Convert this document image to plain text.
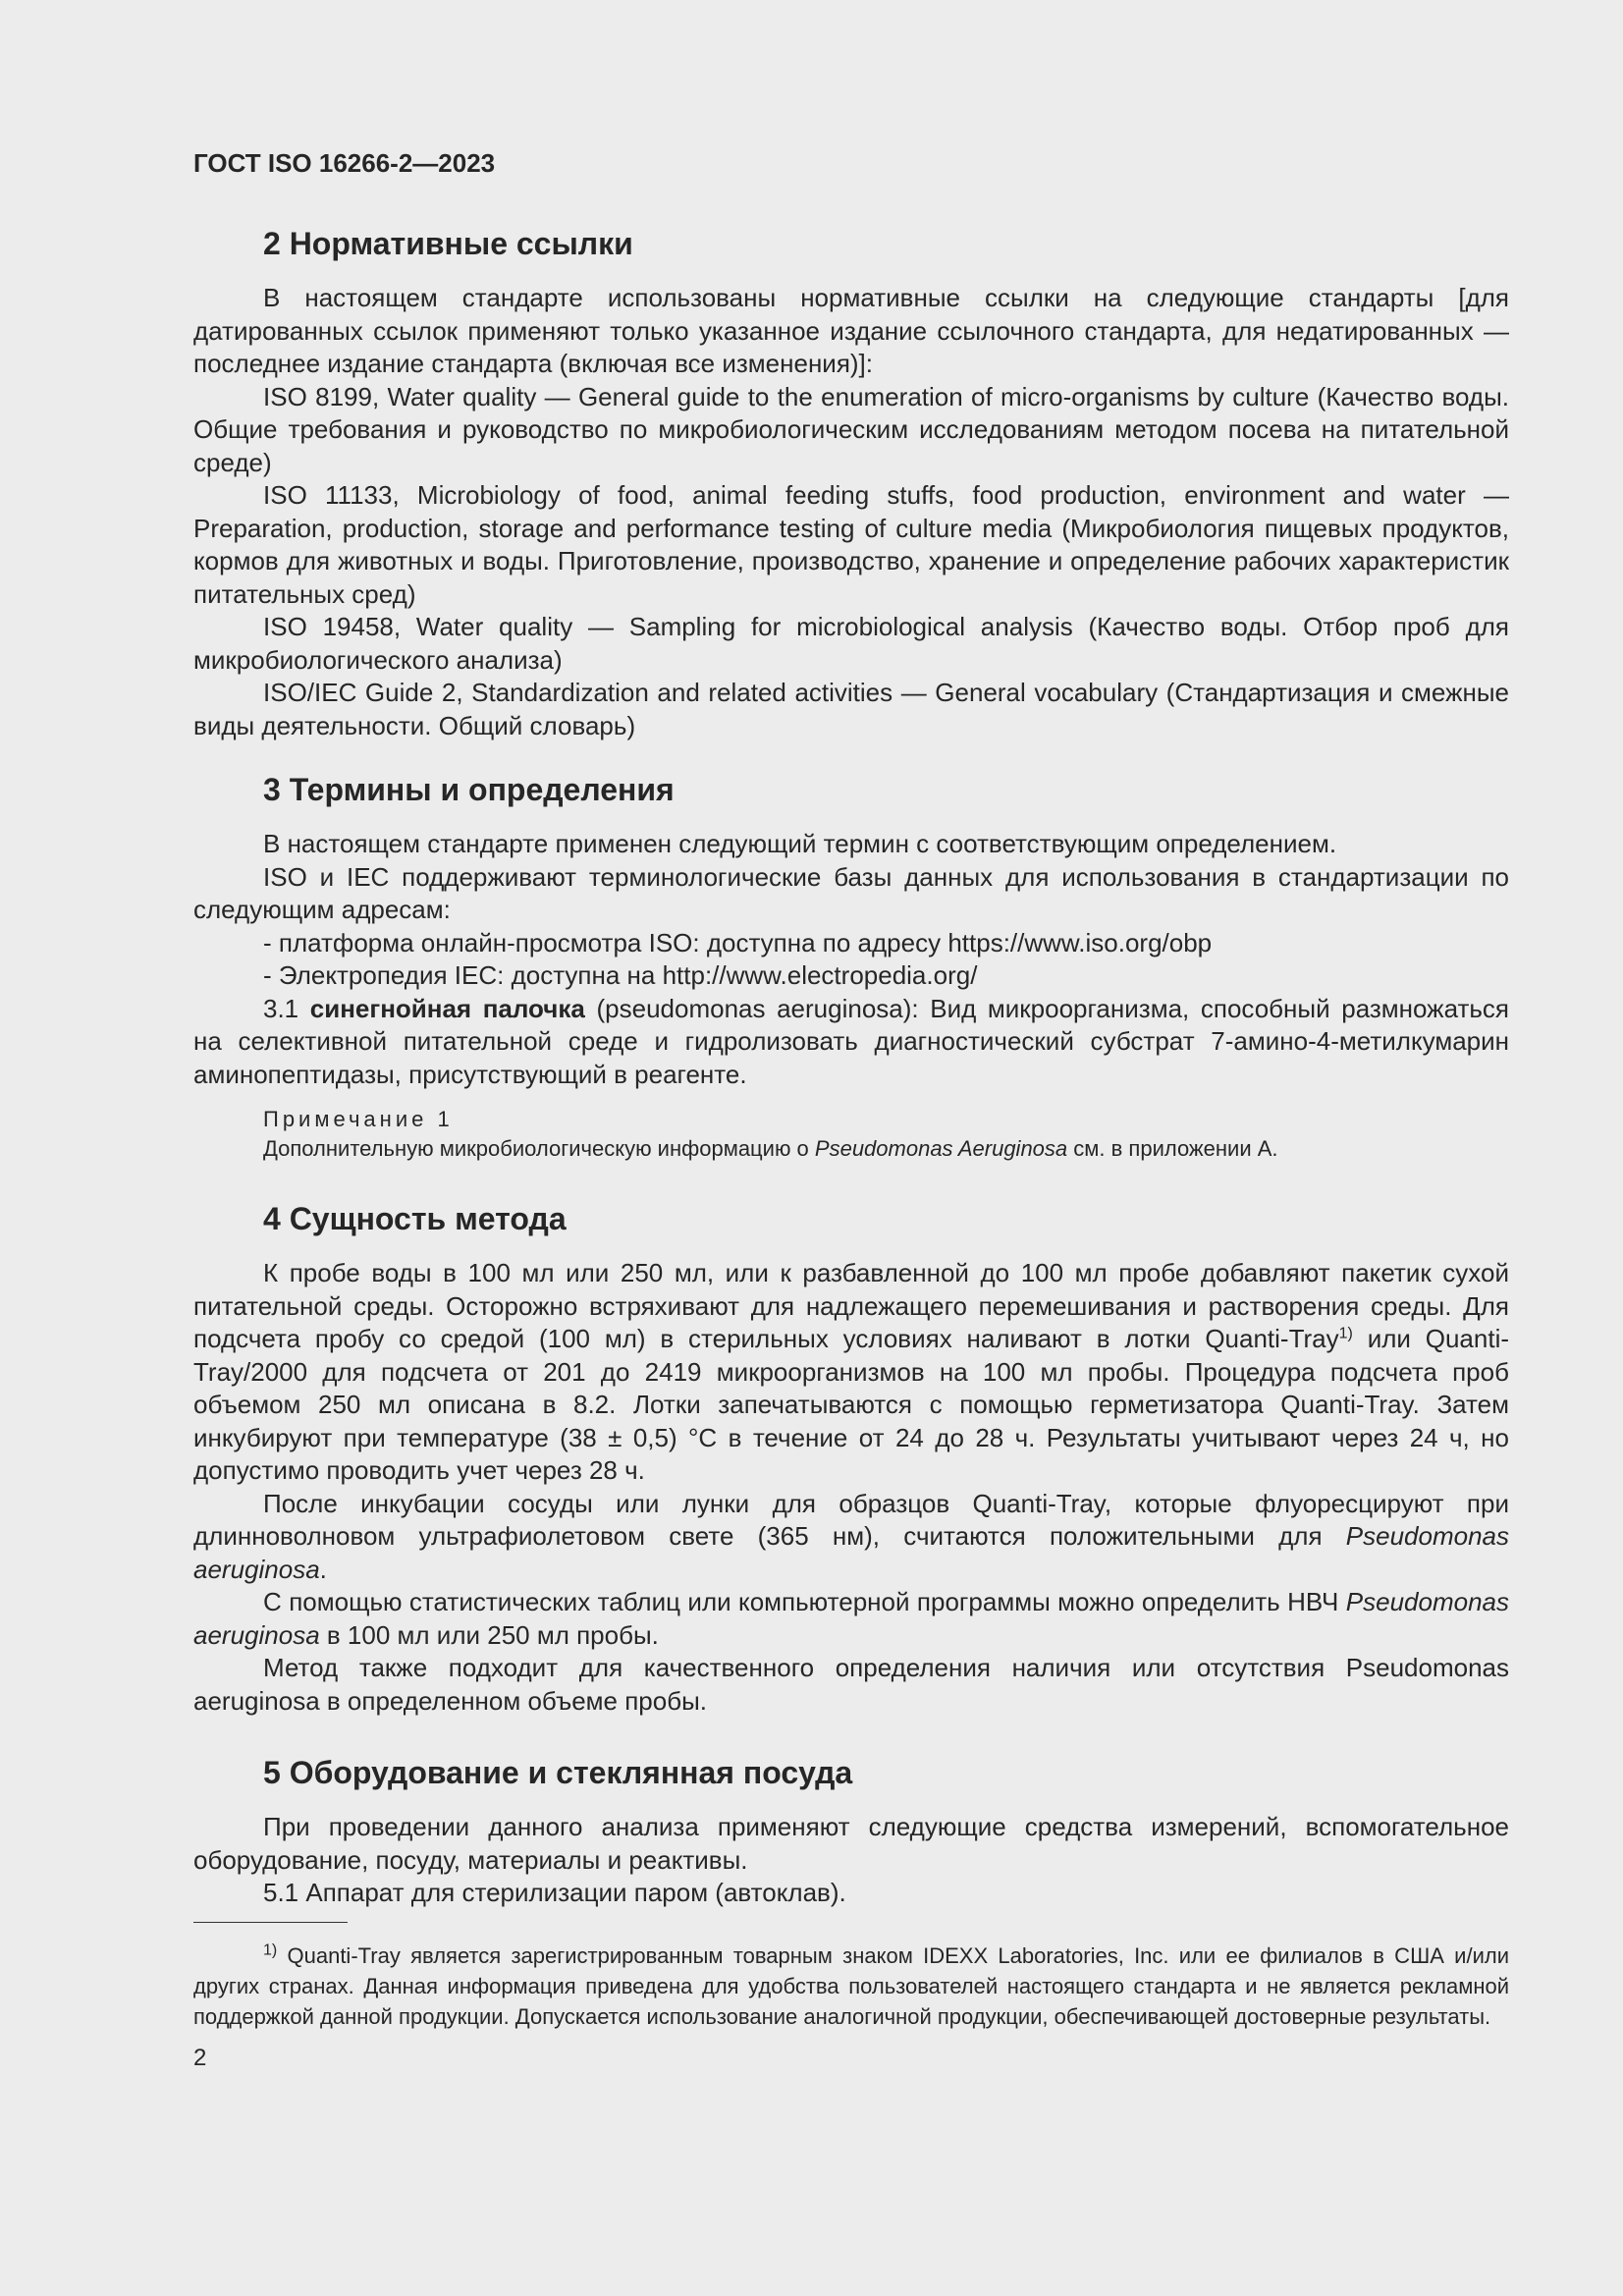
ГОСТ ISO 16266-2—2023

2 Нормативные ссылки

В настоящем стандарте использованы нормативные ссылки на следующие стандарты [для датированных ссылок применяют только указанное издание ссылочного стандарта, для недатированных — последнее издание стандарта (включая все изменения)]:

ISO 8199, Water quality — General guide to the enumeration of micro-organisms by culture (Качество воды. Общие требования и руководство по микробиологическим исследованиям методом посева на питательной среде)

ISO 11133, Microbiology of food, animal feeding stuffs, food production, environment and water — Preparation, production, storage and performance testing of culture media (Микробиология пищевых продуктов, кормов для животных и воды. Приготовление, производство, хранение и определение рабочих характеристик питательных сред)

ISO 19458, Water quality — Sampling for microbiological analysis (Качество воды. Отбор проб для микробиологического анализа)

ISO/IEC Guide 2, Standardization and related activities — General vocabulary (Стандартизация и смежные виды деятельности. Общий словарь)

3 Термины и определения

В настоящем стандарте применен следующий термин с соответствующим определением.

ISO и IEC поддерживают терминологические базы данных для использования в стандартизации по следующим адресам:

- платформа онлайн-просмотра ISO: доступна по адресу https://www.iso.org/obp

- Электропедия IEC: доступна на http://www.electropedia.org/

3.1 синегнойная палочка (pseudomonas aeruginosa): Вид микроорганизма, способный размножаться на селективной питательной среде и гидролизовать диагностический субстрат 7-амино-4-метилкумарин аминопептидазы, присутствующий в реагенте.

Примечание 1

Дополнительную микробиологическую информацию о Pseudomonas Aeruginosa см. в приложении А.

4 Сущность метода

К пробе воды в 100 мл или 250 мл, или к разбавленной до 100 мл пробе добавляют пакетик сухой питательной среды. Осторожно встряхивают для надлежащего перемешивания и растворения среды. Для подсчета пробу со средой (100 мл) в стерильных условиях наливают в лотки Quanti-Tray$^{1)}$ или Quanti-Tray/2000 для подсчета от 201 до 2419 микроорганизмов на 100 мл пробы. Процедура подсчета проб объемом 250 мл описана в 8.2. Лотки запечатываются с помощью герметизатора Quanti-Tray. Затем инкубируют при температуре (38 ± 0,5) °С в течение от 24 до 28 ч. Результаты учитывают через 24 ч, но допустимо проводить учет через 28 ч.

После инкубации сосуды или лунки для образцов Quanti-Tray, которые флуоресцируют при длинноволновом ультрафиолетовом свете (365 нм), считаются положительными для Pseudomonas aeruginosa.

С помощью статистических таблиц или компьютерной программы можно определить НВЧ Pseudomonas aeruginosa в 100 мл или 250 мл пробы.

Метод также подходит для качественного определения наличия или отсутствия Pseudomonas aeruginosa в определенном объеме пробы.

5 Оборудование и стеклянная посуда

При проведении данного анализа применяют следующие средства измерений, вспомогательное оборудование, посуду, материалы и реактивы.

5.1 Аппарат для стерилизации паром (автоклав).

$^{1)}$ Quanti-Tray является зарегистрированным товарным знаком IDEXX Laboratories, Inc. или ее филиалов в США и/или других странах. Данная информация приведена для удобства пользователей настоящего стандарта и не является рекламной поддержкой данной продукции. Допускается использование аналогичной продукции, обеспечивающей достоверные результаты.

2
